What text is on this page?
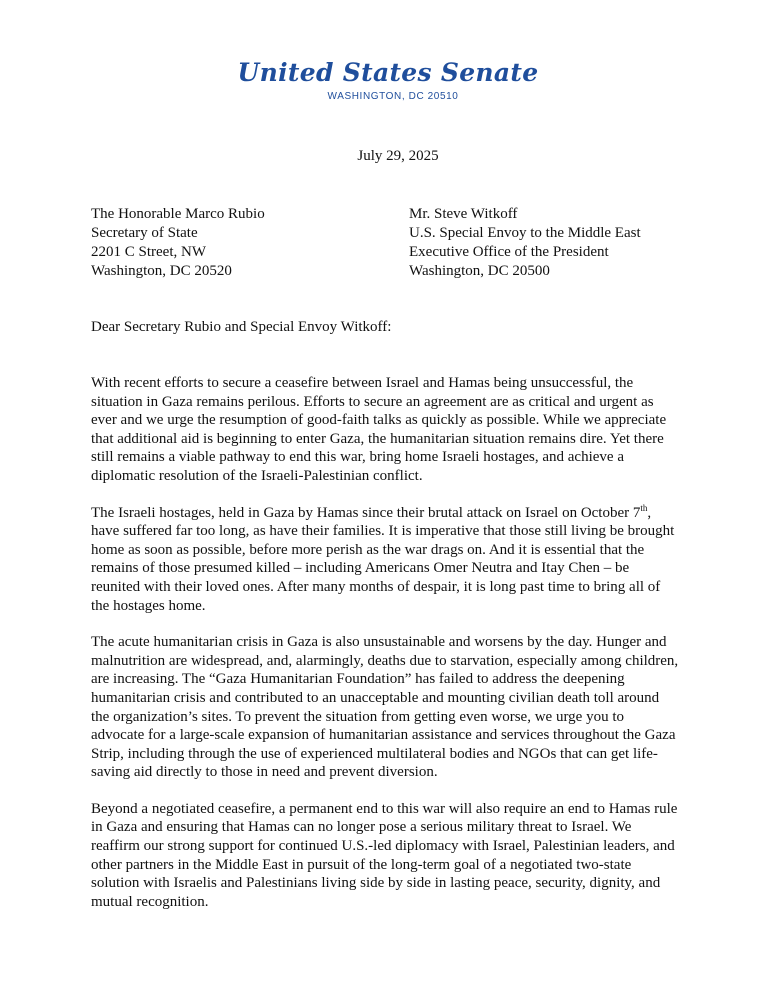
United States Senate
WASHINGTON, DC 20510
July 29, 2025
The Honorable Marco Rubio
Secretary of State
2201 C Street, NW
Washington, DC 20520
Mr. Steve Witkoff
U.S. Special Envoy to the Middle East
Executive Office of the President
Washington, DC 20500
Dear Secretary Rubio and Special Envoy Witkoff:

With recent efforts to secure a ceasefire between Israel and Hamas being unsuccessful, the situation in Gaza remains perilous. Efforts to secure an agreement are as critical and urgent as ever and we urge the resumption of good-faith talks as quickly as possible. While we appreciate that additional aid is beginning to enter Gaza, the humanitarian situation remains dire. Yet there still remains a viable pathway to end this war, bring home Israeli hostages, and achieve a diplomatic resolution of the Israeli-Palestinian conflict.

The Israeli hostages, held in Gaza by Hamas since their brutal attack on Israel on October 7th, have suffered far too long, as have their families. It is imperative that those still living be brought home as soon as possible, before more perish as the war drags on. And it is essential that the remains of those presumed killed – including Americans Omer Neutra and Itay Chen – be reunited with their loved ones. After many months of despair, it is long past time to bring all of the hostages home.

The acute humanitarian crisis in Gaza is also unsustainable and worsens by the day. Hunger and malnutrition are widespread, and, alarmingly, deaths due to starvation, especially among children, are increasing. The “Gaza Humanitarian Foundation” has failed to address the deepening humanitarian crisis and contributed to an unacceptable and mounting civilian death toll around the organization’s sites. To prevent the situation from getting even worse, we urge you to advocate for a large-scale expansion of humanitarian assistance and services throughout the Gaza Strip, including through the use of experienced multilateral bodies and NGOs that can get life-saving aid directly to those in need and prevent diversion.

Beyond a negotiated ceasefire, a permanent end to this war will also require an end to Hamas rule in Gaza and ensuring that Hamas can no longer pose a serious military threat to Israel. We reaffirm our strong support for continued U.S.-led diplomacy with Israel, Palestinian leaders, and other partners in the Middle East in pursuit of the long-term goal of a negotiated two-state solution with Israelis and Palestinians living side by side in lasting peace, security, dignity, and mutual recognition.
